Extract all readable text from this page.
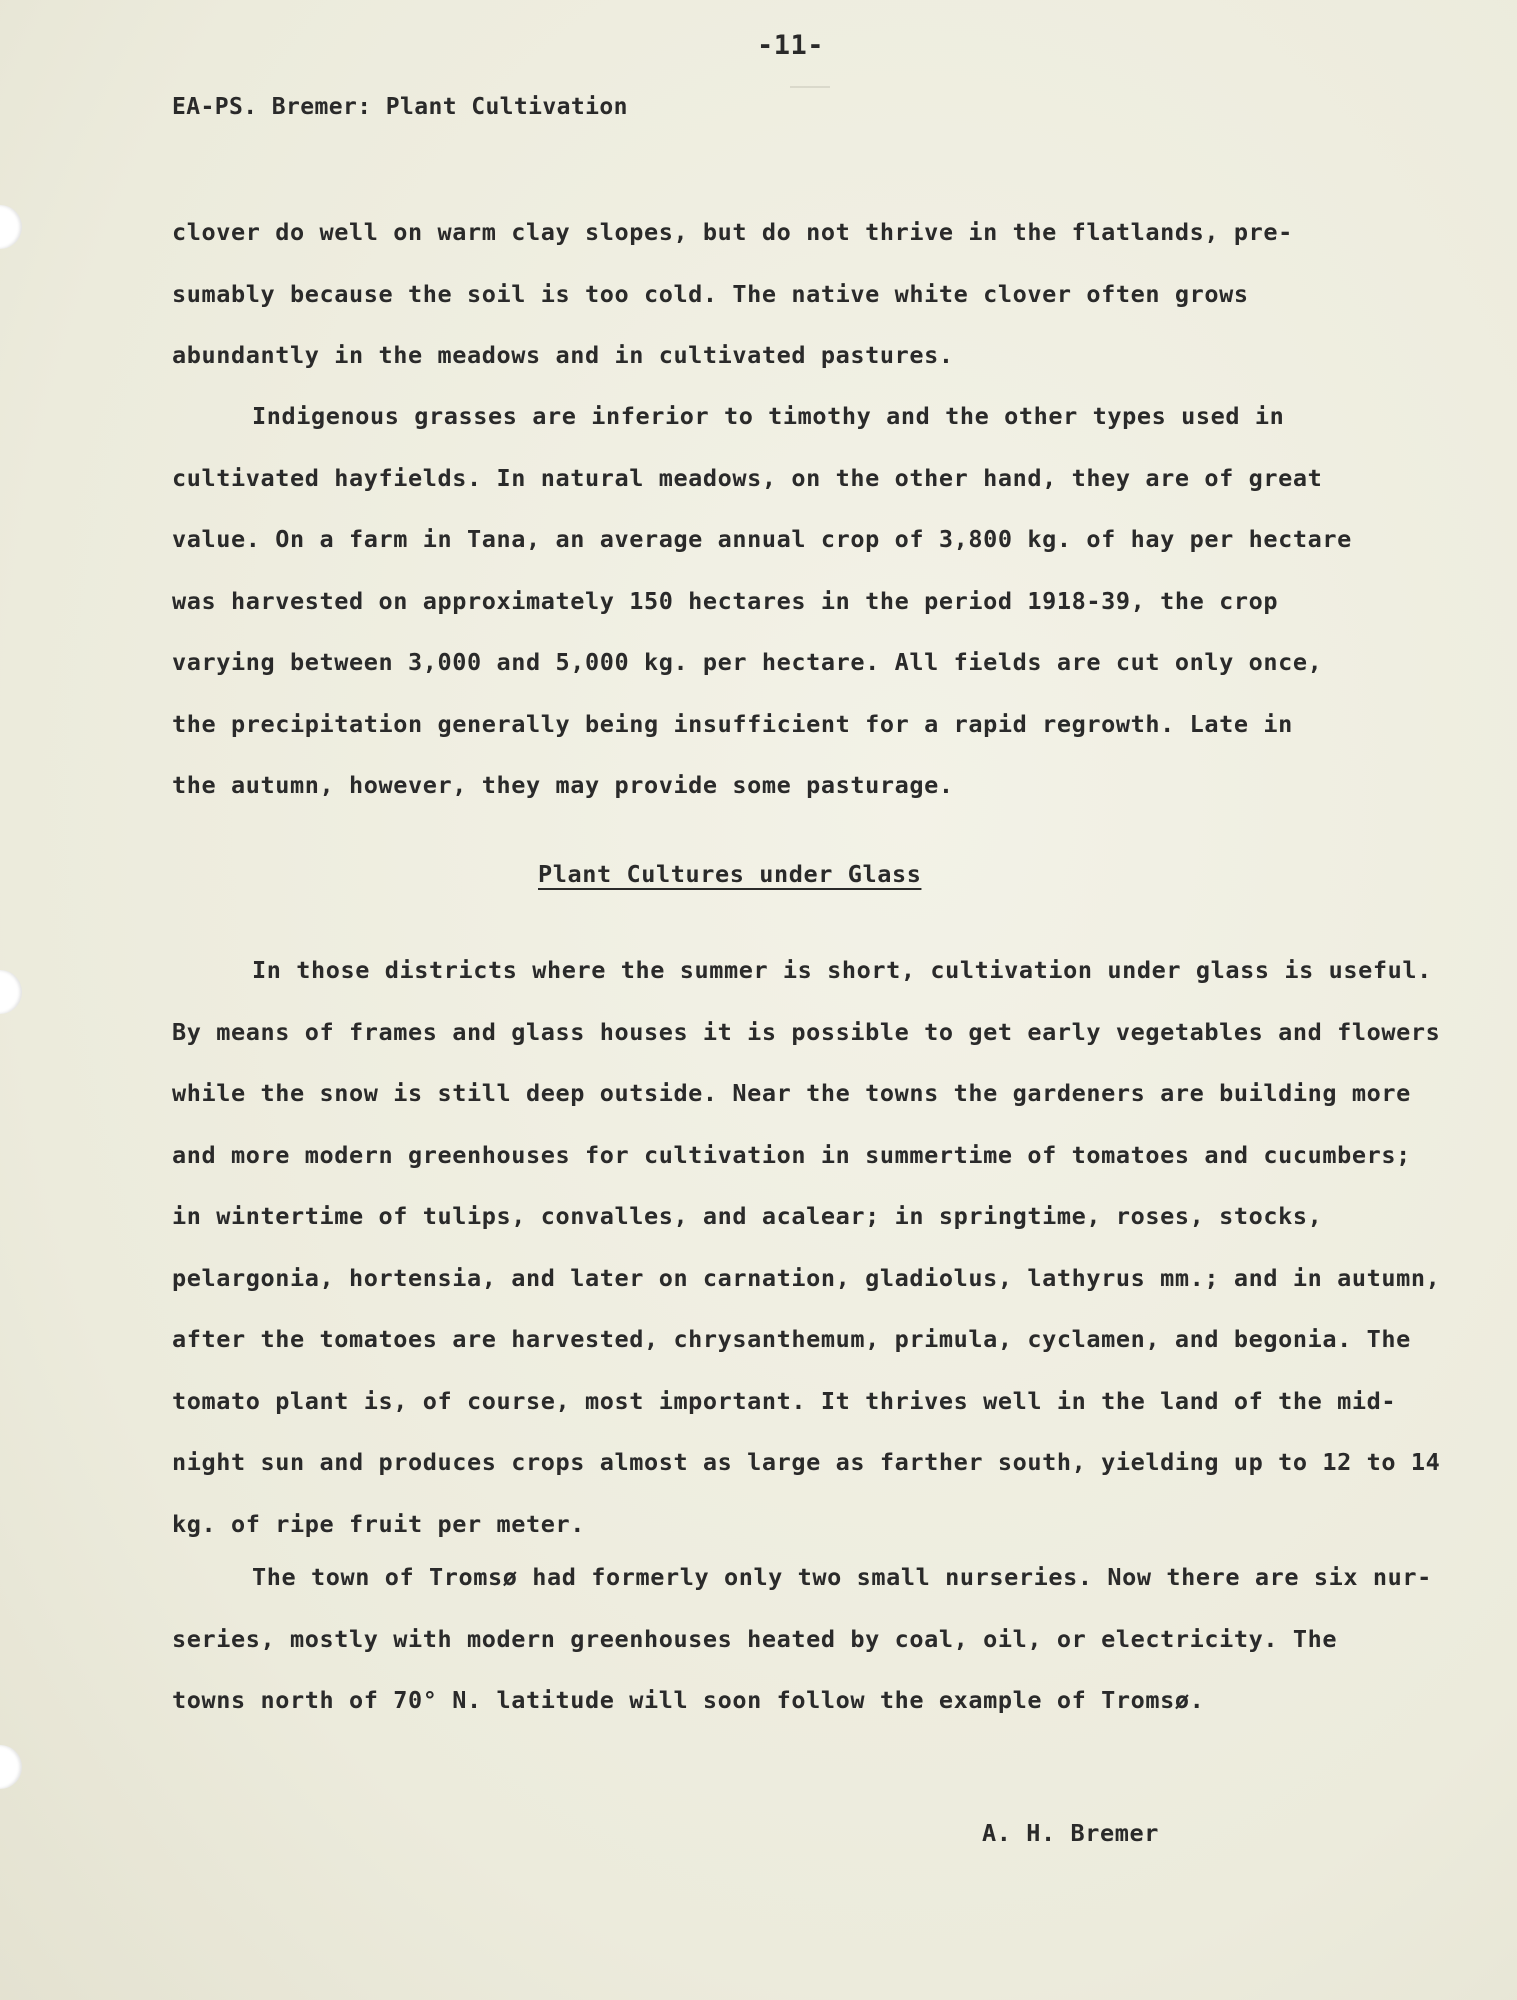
-11-
EA-PS. Bremer: Plant Cultivation
clover do well on warm clay slopes, but do not thrive in the flatlands, pre-
sumably because the soil is too cold. The native white clover often grows
abundantly in the meadows and in cultivated pastures.
Indigenous grasses are inferior to timothy and the other types used in
cultivated hayfields. In natural meadows, on the other hand, they are of great
value. On a farm in Tana, an average annual crop of 3,800 kg. of hay per hectare
was harvested on approximately 150 hectares in the period 1918-39, the crop
varying between 3,000 and 5,000 kg. per hectare. All fields are cut only once,
the precipitation generally being insufficient for a rapid regrowth. Late in
the autumn, however, they may provide some pasturage.
Plant Cultures under Glass
In those districts where the summer is short, cultivation under glass is useful.
By means of frames and glass houses it is possible to get early vegetables and flowers
while the snow is still deep outside. Near the towns the gardeners are building more
and more modern greenhouses for cultivation in summertime of tomatoes and cucumbers;
in wintertime of tulips, convalles, and acalear; in springtime, roses, stocks,
pelargonia, hortensia, and later on carnation, gladiolus, lathyrus mm.; and in autumn,
after the tomatoes are harvested, chrysanthemum, primula, cyclamen, and begonia. The
tomato plant is, of course, most important. It thrives well in the land of the mid-
night sun and produces crops almost as large as farther south, yielding up to 12 to 14
kg. of ripe fruit per meter.
The town of Tromsø had formerly only two small nurseries. Now there are six nur-
series, mostly with modern greenhouses heated by coal, oil, or electricity. The
towns north of 70° N. latitude will soon follow the example of Tromsø.
A. H. Bremer
